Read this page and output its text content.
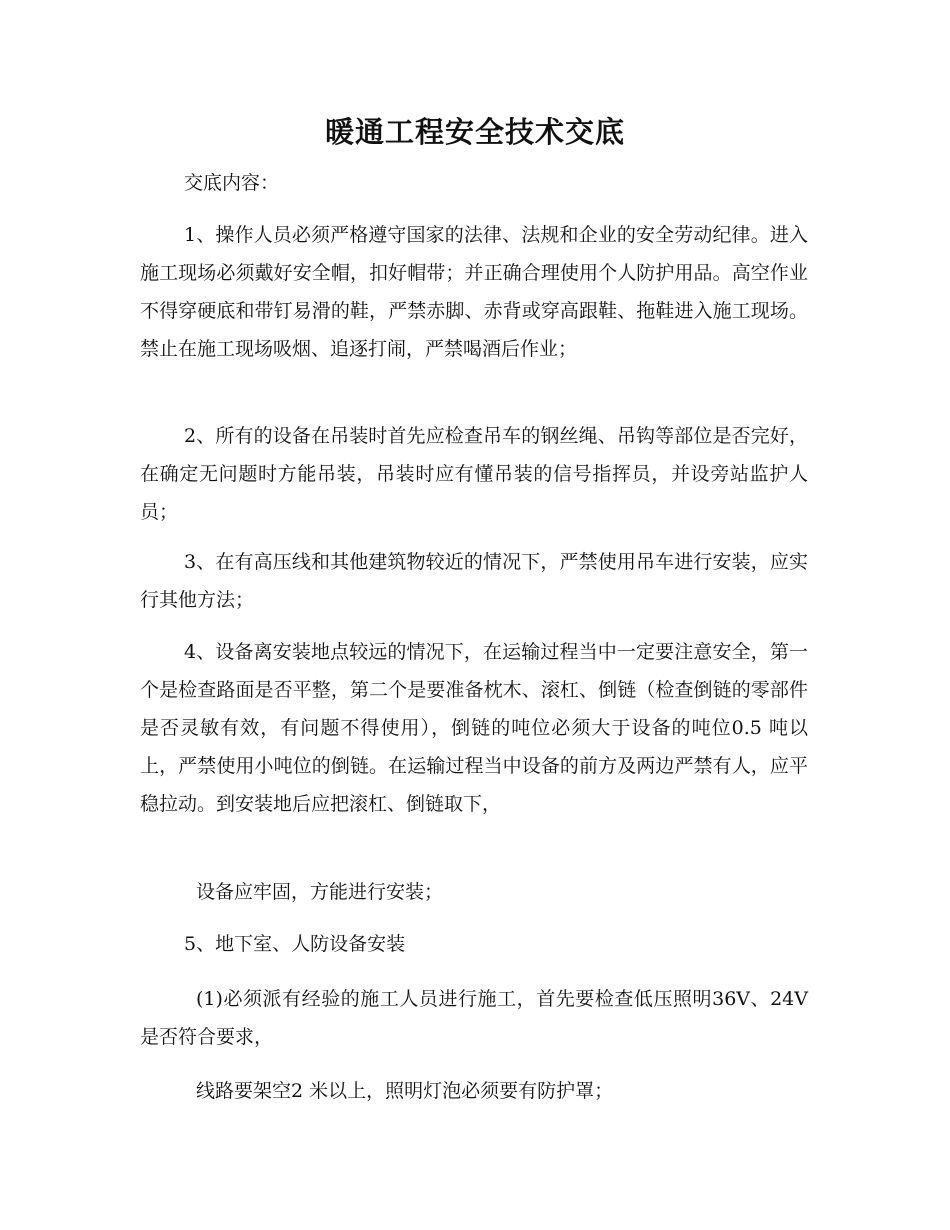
暖通工程安全技术交底

交底内容：

1、操作人员必须严格遵守国家的法律、法规和企业的安全劳动纪律。进入施工现场必须戴好安全帽，扣好帽带；并正确合理使用个人防护用品。高空作业不得穿硬底和带钉易滑的鞋，严禁赤脚、赤背或穿高跟鞋、拖鞋进入施工现场。禁止在施工现场吸烟、追逐打闹，严禁喝酒后作业；

2、所有的设备在吊装时首先应检查吊车的钢丝绳、吊钩等部位是否完好，在确定无问题时方能吊装，吊装时应有懂吊装的信号指挥员，并设旁站监护人员；

3、在有高压线和其他建筑物较近的情况下，严禁使用吊车进行安装，应实行其他方法；

4、设备离安装地点较远的情况下，在运输过程当中一定要注意安全，第一个是检查路面是否平整，第二个是要准备枕木、滚杠、倒链（检查倒链的零部件是否灵敏有效，有问题不得使用），倒链的吨位必须大于设备的吨位0.5 吨以上，严禁使用小吨位的倒链。在运输过程当中设备的前方及两边严禁有人，应平稳拉动。到安装地后应把滚杠、倒链取下，

设备应牢固，方能进行安装；

5、地下室、人防设备安装

(1)必须派有经验的施工人员进行施工，首先要检查低压照明36V、24V 是否符合要求，

线路要架空2 米以上，照明灯泡必须要有防护罩；
